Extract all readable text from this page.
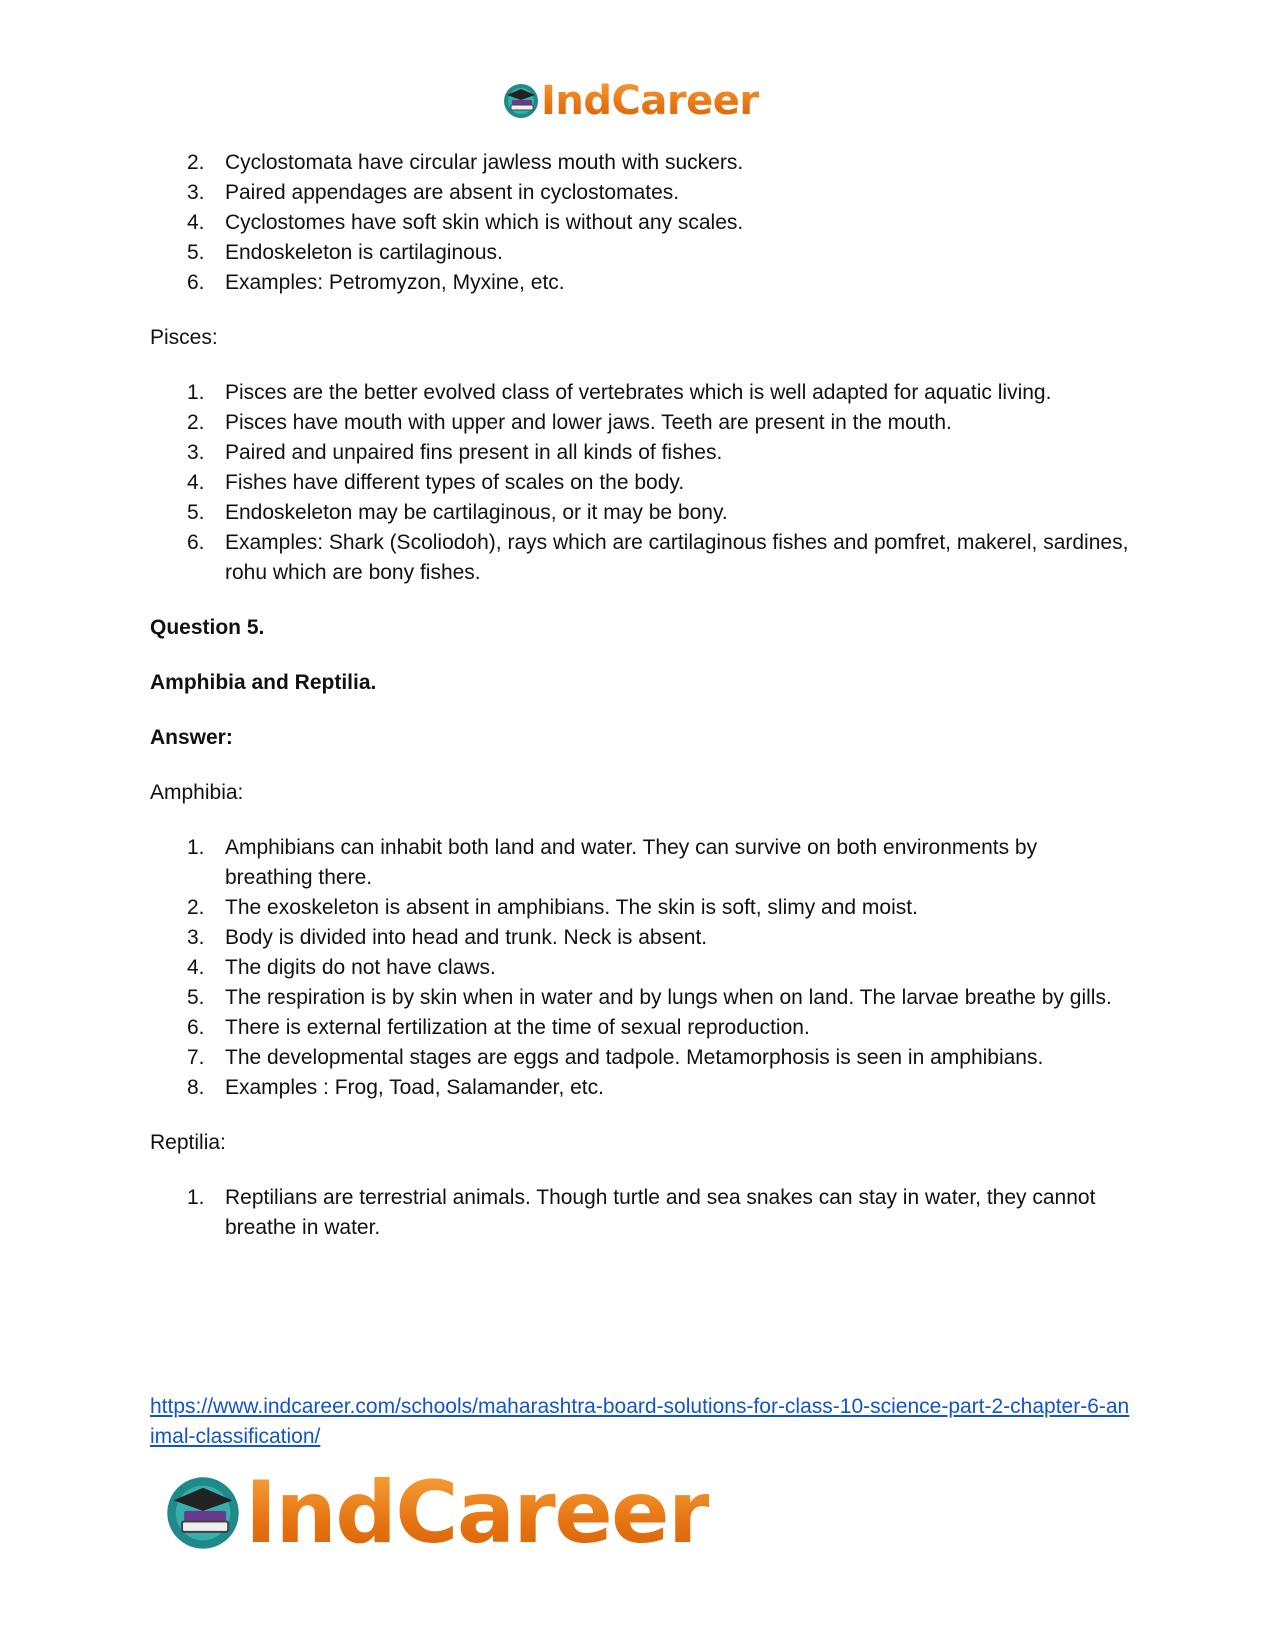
IndCareer
2. Cyclostomata have circular jawless mouth with suckers.
3. Paired appendages are absent in cyclostomates.
4. Cyclostomes have soft skin which is without any scales.
5. Endoskeleton is cartilaginous.
6. Examples: Petromyzon, Myxine, etc.

Pisces:

1. Pisces are the better evolved class of vertebrates which is well adapted for aquatic living.
2. Pisces have mouth with upper and lower jaws. Teeth are present in the mouth.
3. Paired and unpaired fins present in all kinds of fishes.
4. Fishes have different types of scales on the body.
5. Endoskeleton may be cartilaginous, or it may be bony.
6. Examples: Shark (Scoliodoh), rays which are cartilaginous fishes and pomfret, makerel, sardines, rohu which are bony fishes.

Question 5.

Amphibia and Reptilia.

Answer:

Amphibia:

1. Amphibians can inhabit both land and water. They can survive on both environments by breathing there.
2. The exoskeleton is absent in amphibians. The skin is soft, slimy and moist.
3. Body is divided into head and trunk. Neck is absent.
4. The digits do not have claws.
5. The respiration is by skin when in water and by lungs when on land. The larvae breathe by gills.
6. There is external fertilization at the time of sexual reproduction.
7. The developmental stages are eggs and tadpole. Metamorphosis is seen in amphibians.
8. Examples : Frog, Toad, Salamander, etc.

Reptilia:

1. Reptilians are terrestrial animals. Though turtle and sea snakes can stay in water, they cannot breathe in water.
https://www.indcareer.com/schools/maharashtra-board-solutions-for-class-10-science-part-2-chapter-6-animal-classification/
IndCareer
